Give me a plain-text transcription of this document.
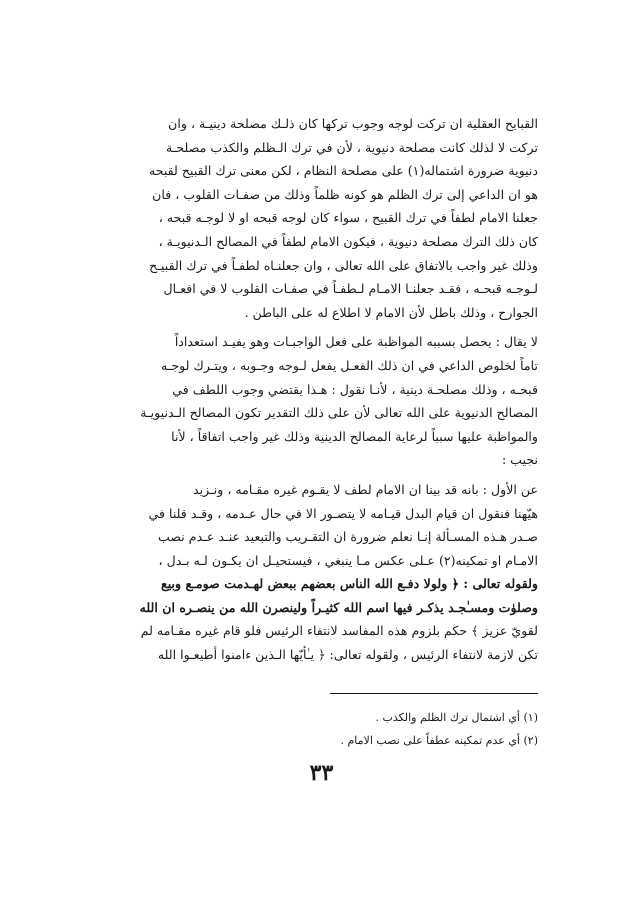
القبايح العقلية ان تركت لوجه وجوب تركها كان ذلـك مصلحة دينيـة ، وان
تركت لا لذلك كانت مصلحة دنيوية ، لأن في ترك الـظلم والكذب مصلحـة
دنيوية ضرورة اشتماله(١) على مصلحة النظام ، لكن معنى ترك القبيح لقبحه
هو ان الداعي إلى ترك الظلم هو كونه ظلماً وذلك من صفـات القلوب ، فان
جعلنا الامام لطفاً في ترك القبيح ، سواء كان لوجه قبحه او لا لوجـه قبحه ،
كان ذلك الترك مصلحة دنيوية ، فيكون الامام لطفاً في المصالح الـدنيويـة ،
وذلك غير واجب بالاتفاق على الله تعالى ، وان جعلنـاه لطفـاً في ترك القبيـح
لـوجـه قبحـه ، فقـد جعلنـا الامـام لـطفـاً في صفـات القلوب لا في افعـال
الجوارح ، وذلك باطل لأن الامام لا اطلاع له على الباطن .

لا يقال : يحصل بسببه المواظبة على فعل الواجبـات وهو يفيـد استعداداً
تاماً لخلوص الداعي في ان ذلك الفعـل يفعل لـوجه وجـوبه ، ويتـرك لوجـه
قبحـه ، وذلك مصلحـة دينية ، لأنـا نقول : هـذا يقتضي وجوب اللطف في
المصالح الدنيوية على الله تعالى لأن على ذلك التقدير تكون المصالح الـدنيويـة
والمواظبة عليها سبباً لرعاية المصالح الدينية وذلك غير واجب اتفاقاً ، لأنا
نجيب :

عن الأول : بانه قد بينا ان الامام لطف لا يقـوم غيره مقـامه ، ونـزيد
هيّهنا فنقول ان قيام البدل قيـامه لا يتصـور الا في حال عـدمه ، وقـد قلنا في
صـدر هـذه المسـألة إنـا نعلم ضرورة ان التقـريب والتبعيد عنـد عـدم نصب
الامـام او تمكينه(٢) عـلى عكس مـا ينبغي ، فيستحيـل ان يكـون لـه بـدل ،
ولقوله تعالى : ﴿ ولولا دفـع الله الناس بعضهم ببعض لهـدمت صومـع وبيع
وصلوٰت ومسـٰجـد يذكـر فيها اسم الله كثيـراً ولينصرن الله من ينصـره ان الله
لقويّ عزيز ﴾ حكم بلزوم هذه المفاسد لانتفاء الرئيس فلو قام غيره مقـامه لم
تكن لازمة لانتفاء الرئيس ، ولقوله تعالى: ﴿ يـٰأيّها الـذين ءامنوا أطيعـوا الله

(١) أي اشتمال ترك الظلم والكذب .
(٢) أي عدم تمكينه عطفاً على نصب الامام .
٣٣
